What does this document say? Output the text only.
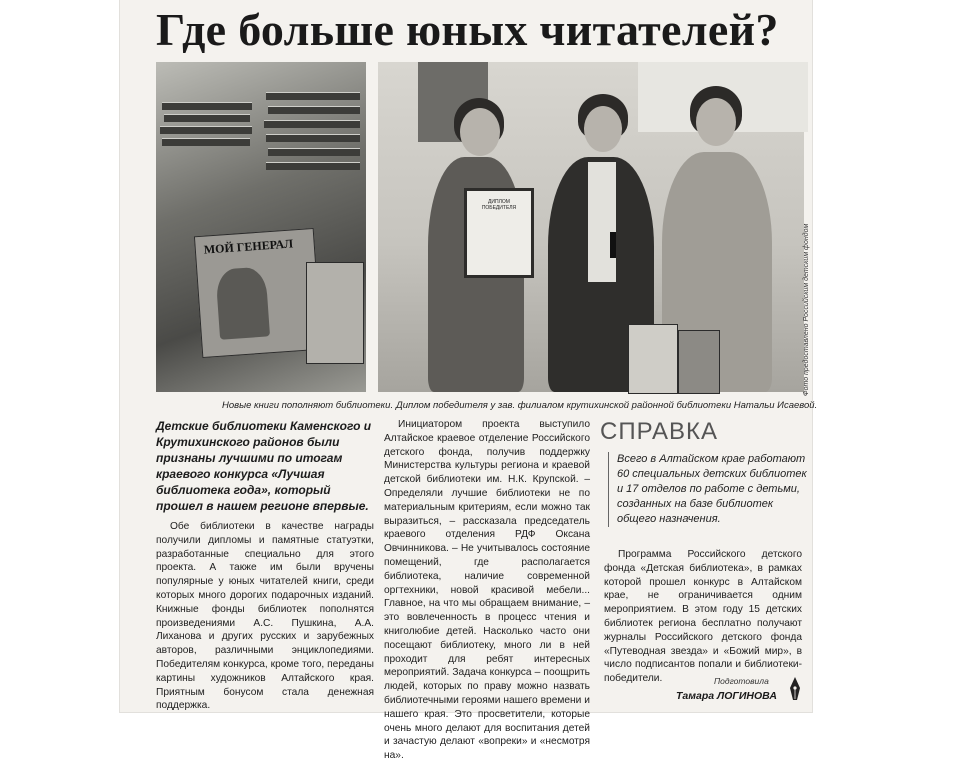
Где больше юных читателей?
МОЙ ГЕНЕРАЛ
ДИПЛОМ ПОБЕДИТЕЛЯ
Фото предоставлено Российским детским фондом
Новые книги пополняют библиотеки. Диплом победителя у зав. филиалом крутихинской районной библиотеки Натальи Исаевой.
Детские библиотеки Каменского и Крутихинского районов были признаны лучшими по итогам краевого конкурса «Лучшая библиотека года», который прошел в нашем регионе впервые.
Обе библиотеки в качестве награды получили дипломы и памятные статуэтки, разработанные специально для этого проекта. А также им были вручены популярные у юных читателей книги, среди которых много дорогих подарочных изданий. Книжные фонды библиотек пополнятся произведениями А.С. Пушкина, А.А. Лиханова и других русских и зарубежных авторов, различными энциклопедиями. Победителям конкурса, кроме того, переданы картины художников Алтайского края. Приятным бонусом стала денежная поддержка.
Инициатором проекта выступило Алтайское краевое отделение Российского детского фонда, получив поддержку Министерства культуры региона и краевой детской библиотеки им. Н.К. Крупской. – Определяли лучшие библиотеки не по материальным критериям, если можно так выразиться, – рассказала председатель краевого отделения РДФ Оксана Овчинникова. – Не учитывалось состояние помещений, где располагается библиотека, наличие современной оргтехники, новой красивой мебели... Главное, на что мы обращаем внимание, – это вовлеченность в процесс чтения и книголюбие детей. Насколько часто они посещают библиотеку, много ли в ней проходит для ребят интересных мероприятий. Задача конкурса – поощрить людей, которых по праву можно назвать библиотечными героями нашего времени и нашего края. Это просветители, которые очень много делают для воспитания детей и зачастую делают «вопреки» и «несмотря на».
СПРАВКА
Всего в Алтайском крае работают 60 специальных детских библиотек и 17 отделов по работе с детьми, созданных на базе библиотек общего назначения.
Программа Российского детского фонда «Детская библиотека», в рамках которой прошел конкурс в Алтайском крае, не ограничивается одним мероприятием. В этом году 15 детских библиотек региона бесплатно получают журналы Российского детского фонда «Путеводная звезда» и «Божий мир», в число подписантов попали и библиотеки-победители.	Подготовила
Тамара ЛОГИНОВА
